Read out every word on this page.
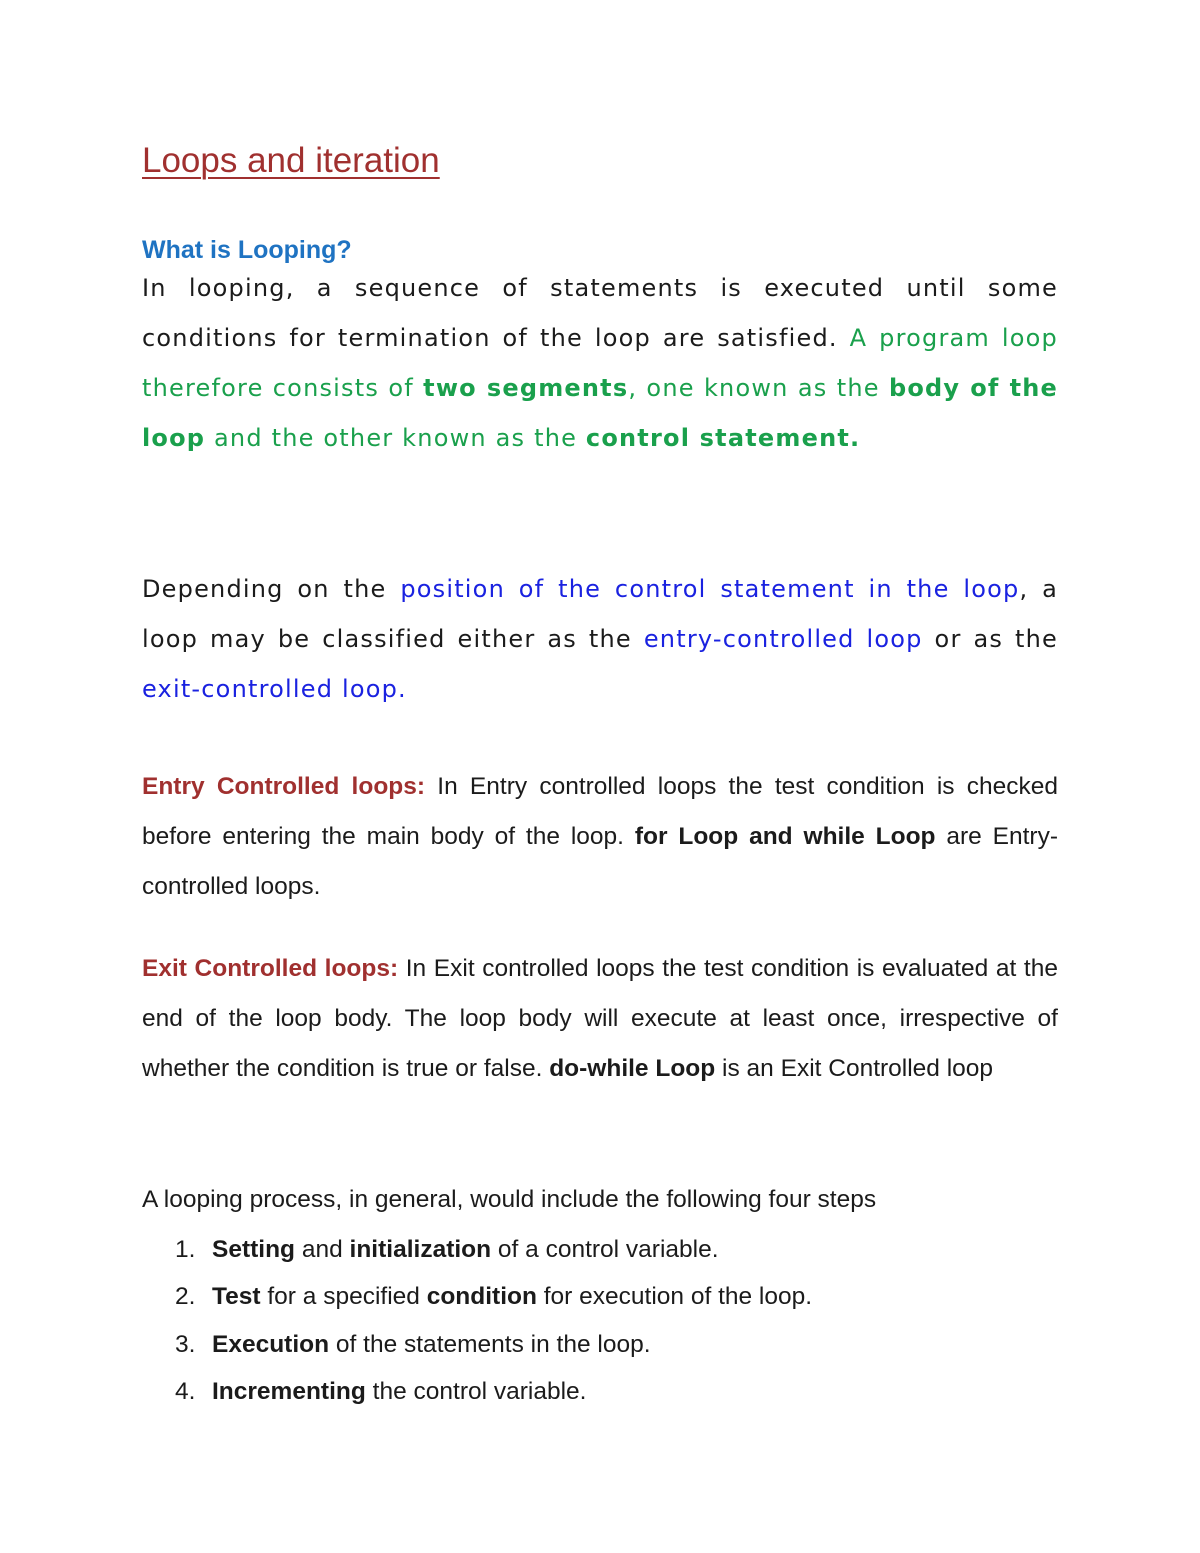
Loops and iteration
What is Looping?

In looping, a sequence of statements is executed until some conditions for termination of the loop are satisfied. A program loop therefore consists of two segments, one known as the body of the loop and the other known as the control statement.

Depending on the position of the control statement in the loop, a loop may be classified either as the entry-controlled loop or as the exit-controlled loop.

Entry Controlled loops: In Entry controlled loops the test condition is checked before entering the main body of the loop. for Loop and while Loop are Entry-controlled loops.

Exit Controlled loops: In Exit controlled loops the test condition is evaluated at the end of the loop body. The loop body will execute at least once, irrespective of whether the condition is true or false. do-while Loop is an Exit Controlled loop

A looping process, in general, would include the following four steps

1. Setting and initialization of a control variable.
2. Test for a specified condition for execution of the loop.
3. Execution of the statements in the loop.
4. Incrementing the control variable.
